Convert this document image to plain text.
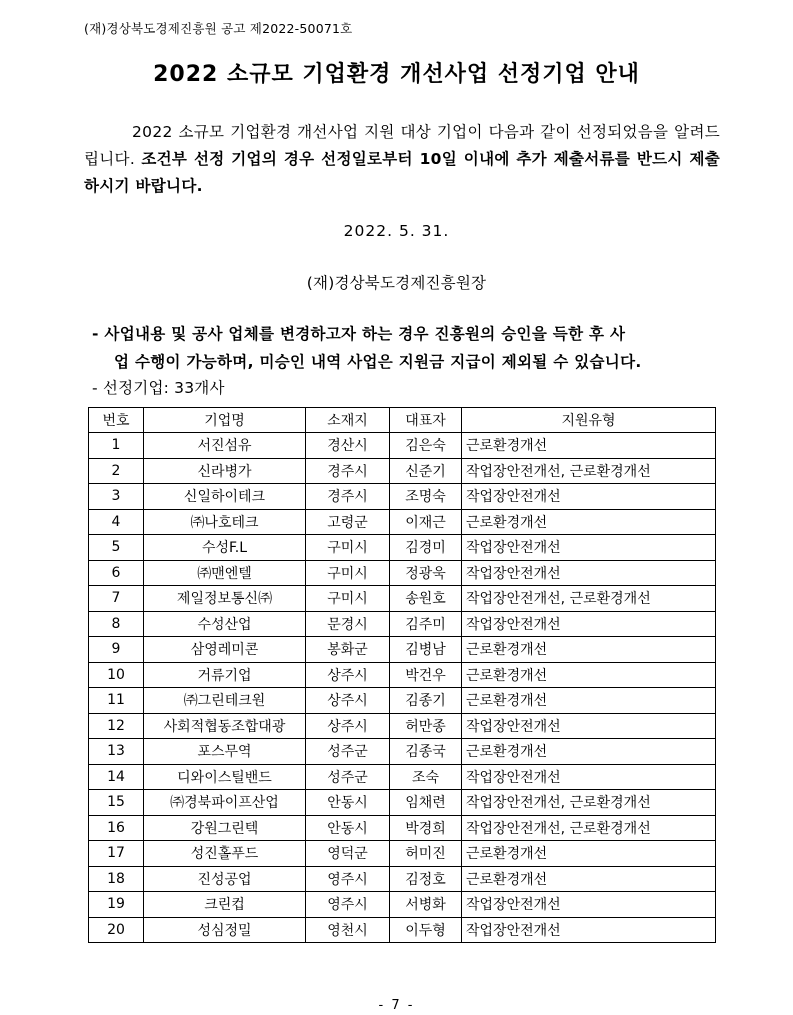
(재)경상북도경제진흥원 공고 제2022-50071호
2022 소규모 기업환경 개선사업 선정기업 안내
2022 소규모 기업환경 개선사업 지원 대상 기업이 다음과 같이 선정되었음을 알려드립니다. 조건부 선정 기업의 경우 선정일로부터 10일 이내에 추가 제출서류를 반드시 제출하시기 바랍니다.
2022. 5. 31.
(재)경상북도경제진흥원장
- 사업내용 및 공사 업체를 변경하고자 하는 경우 진흥원의 승인을 득한 후 사
업 수행이 가능하며, 미승인 내역 사업은 지원금 지급이 제외될 수 있습니다.
- 선정기업: 33개사
번호	기업명	소재지	대표자	지원유형
1	서진섬유	경산시	김은숙	근로환경개선
2	신라병가	경주시	신준기	작업장안전개선, 근로환경개선
3	신일하이테크	경주시	조명숙	작업장안전개선
4	㈜나호테크	고령군	이재근	근로환경개선
5	수성F.L	구미시	김경미	작업장안전개선
6	㈜맨엔텔	구미시	정광욱	작업장안전개선
7	제일정보통신㈜	구미시	송원호	작업장안전개선, 근로환경개선
8	수성산업	문경시	김주미	작업장안전개선
9	삼영레미콘	봉화군	김병남	근로환경개선
10	거류기업	상주시	박건우	근로환경개선
11	㈜그린테크원	상주시	김종기	근로환경개선
12	사회적협동조합대광	상주시	허만종	작업장안전개선
13	포스무역	성주군	김종국	근로환경개선
14	디와이스틸밴드	성주군	조숙	작업장안전개선
15	㈜경북파이프산업	안동시	임채련	작업장안전개선, 근로환경개선
16	강원그린텍	안동시	박경희	작업장안전개선, 근로환경개선
17	성진홀푸드	영덕군	허미진	근로환경개선
18	진성공업	영주시	김정호	근로환경개선
19	크린컵	영주시	서병화	작업장안전개선
20	성심정밀	영천시	이두형	작업장안전개선
- 7 -
